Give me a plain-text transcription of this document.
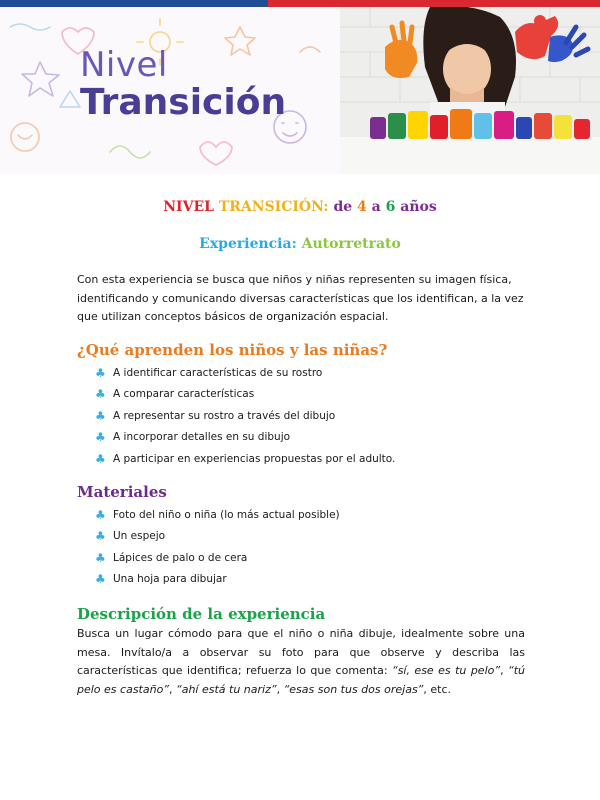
Nivel
Transición
NIVEL TRANSICIÓN: de 4 a 6 años
Experiencia: Autorretrato
Con esta experiencia se busca que niños y niñas representen su imagen física, identificando y comunicando diversas características que los identifican, a la vez que utilizan conceptos básicos de organización espacial.
¿Qué aprenden los niños y las niñas?
♣ A identificar características de su rostro
♣ A comparar características
♣ A representar su rostro a través del dibujo
♣ A incorporar detalles en su dibujo
♣ A participar en experiencias propuestas por el adulto.
Materiales
♣ Foto del niño o niña (lo más actual posible)
♣ Un espejo
♣ Lápices de palo o de cera
♣ Una hoja para dibujar
Descripción de la experiencia
Busca un lugar cómodo para que el niño o niña dibuje, idealmente sobre una mesa. Invítalo/a a observar su foto para que observe y describa las características que identifica; refuerza lo que comenta: “sí, ese es tu pelo”, “tú pelo es castaño”, “ahí está tu nariz”, “esas son tus dos orejas”, etc.
